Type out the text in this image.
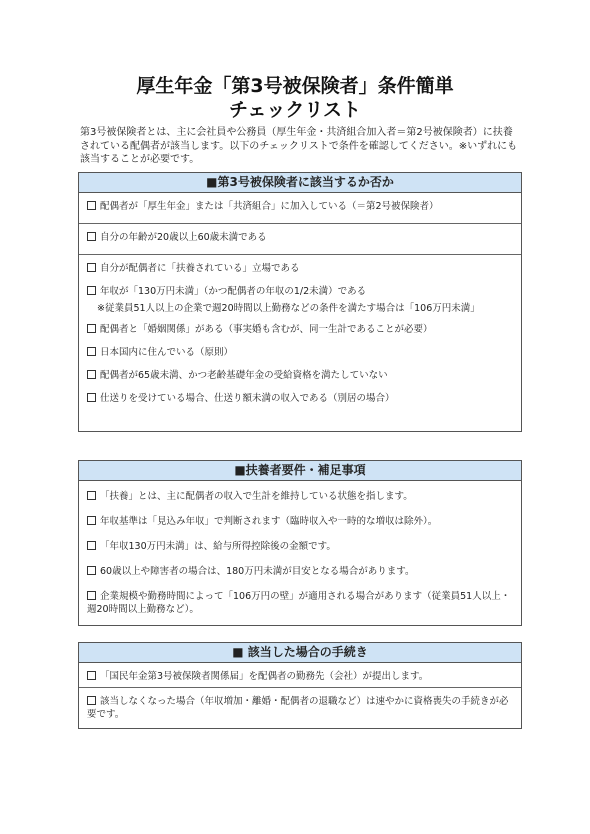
厚生年金「第3号被保険者」条件簡単
チェックリスト
第3号被保険者とは、主に会社員や公務員（厚生年金・共済組合加入者＝第2号被保険者）に扶養されている配偶者が該当します。以下のチェックリストで条件を確認してください。※いずれにも該当することが必要です。
■第3号被保険者に該当するか否か
配偶者が「厚生年金」または「共済組合」に加入している（＝第2号被保険者）
自分の年齢が20歳以上60歳未満である
自分が配偶者に「扶養されている」立場である
年収が「130万円未満」（かつ配偶者の年収の1/2未満）である
※従業員51人以上の企業で週20時間以上勤務などの条件を満たす場合は「106万円未満」
配偶者と「婚姻関係」がある（事実婚も含むが、同一生計であることが必要）
日本国内に住んでいる（原則）
配偶者が65歳未満、かつ老齢基礎年金の受給資格を満たしていない
仕送りを受けている場合、仕送り額未満の収入である（別居の場合）
■扶養者要件・補足事項
「扶養」とは、主に配偶者の収入で生計を維持している状態を指します。
年収基準は「見込み年収」で判断されます（臨時収入や一時的な増収は除外）。
「年収130万円未満」は、給与所得控除後の金額です。
60歳以上や障害者の場合は、180万円未満が目安となる場合があります。
企業規模や勤務時間によって「106万円の壁」が適用される場合があります（従業員51人以上・週20時間以上勤務など）。
■ 該当した場合の手続き
「国民年金第3号被保険者関係届」を配偶者の勤務先（会社）が提出します。
該当しなくなった場合（年収増加・離婚・配偶者の退職など）は速やかに資格喪失の手続きが必要です。
